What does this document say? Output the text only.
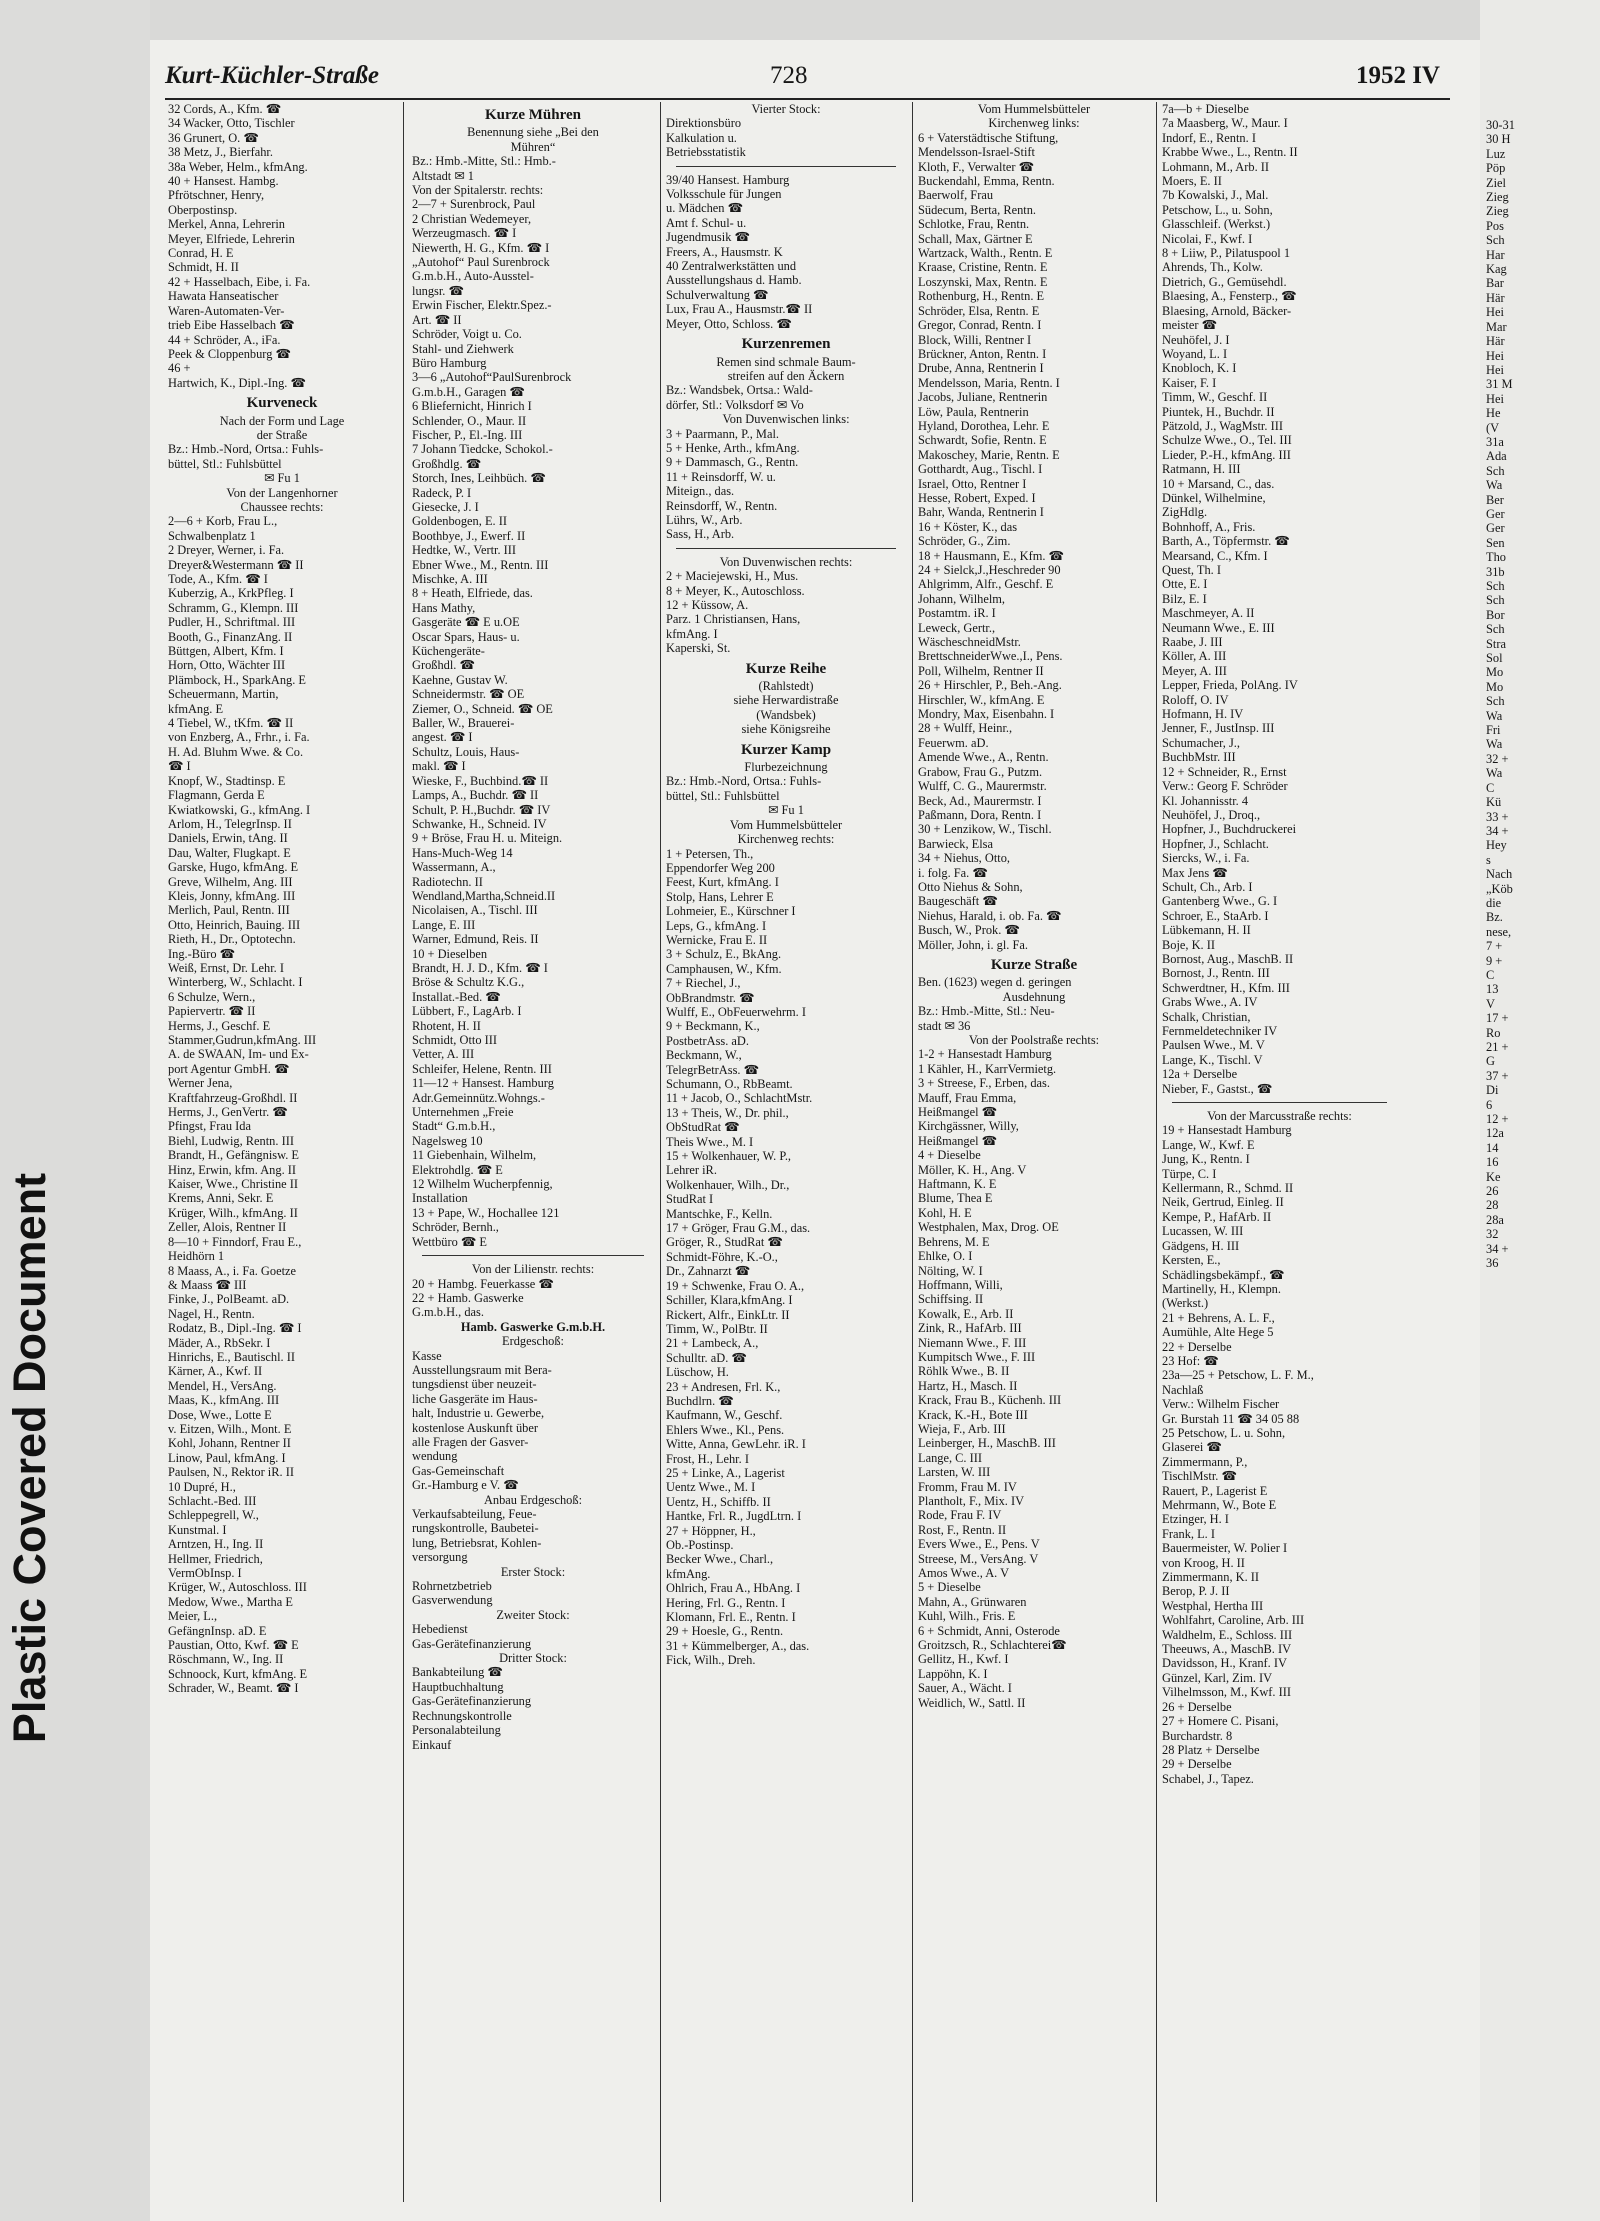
Plastic Covered Document
Kurt-Küchler-Straße	728	1952 IV
32 Cords, A., Kfm. ☎
34 Wacker, Otto, Tischler
36 Grunert, O. ☎
38 Metz, J., Bierfahr.
38a Weber, Helm., kfmAng.
40 + Hansest. Hambg.
Pfrötschner, Henry,
Oberpostinsp.
Merkel, Anna, Lehrerin
Meyer, Elfriede, Lehrerin
Conrad, H. E
Schmidt, H. II
42 + Hasselbach, Eibe, i. Fa.
Hawata Hanseatischer
Waren-Automaten-Ver-
trieb Eibe Hasselbach ☎
44 + Schröder, A., iFa.
Peek & Cloppenburg ☎
46 +
Hartwich, K., Dipl.-Ing. ☎
Kurveneck
Nach der Form und Lage
der Straße
Bz.: Hmb.-Nord, Ortsa.: Fuhls-
büttel, Stl.: Fuhlsbüttel
✉ Fu 1
Von der Langenhorner
Chaussee rechts:
2—6 + Korb, Frau L.,
Schwalbenplatz 1
2 Dreyer, Werner, i. Fa.
Dreyer&Westermann ☎ II
Tode, A., Kfm. ☎ I
Kuberzig, A., KrkPfleg. I
Schramm, G., Klempn. III
Pudler, H., Schriftmal. III
Booth, G., FinanzAng. II
Büttgen, Albert, Kfm. I
Horn, Otto, Wächter III
Plämbock, H., SparkAng. E
Scheuermann, Martin,
kfmAng. E
4 Tiebel, W., tKfm. ☎ II
von Enzberg, A., Frhr., i. Fa.
H. Ad. Bluhm Wwe. & Co.
☎ I
Knopf, W., Stadtinsp. E
Flagmann, Gerda E
Kwiatkowski, G., kfmAng. I
Arlom, H., TelegrInsp. II
Daniels, Erwin, tAng. II
Dau, Walter, Flugkapt. E
Garske, Hugo, kfmAng. E
Greve, Wilhelm, Ang. III
Kleis, Jonny, kfmAng. III
Merlich, Paul, Rentn. III
Otto, Heinrich, Bauing. III
Rieth, H., Dr., Optotechn.
Ing.-Büro ☎
Weiß, Ernst, Dr. Lehr. I
Winterberg, W., Schlacht. I
6 Schulze, Wern.,
Papiervertr. ☎ II
Herms, J., Geschf. E
Stammer,Gudrun,kfmAng. III
A. de SWAAN, Im- und Ex-
port Agentur GmbH. ☎
Werner Jena,
Kraftfahrzeug-Großhdl. II
Herms, J., GenVertr. ☎
Pfingst, Frau Ida
Biehl, Ludwig, Rentn. III
Brandt, H., Gefängnisw. E
Hinz, Erwin, kfm. Ang. II
Kaiser, Wwe., Christine II
Krems, Anni, Sekr. E
Krüger, Wilh., kfmAng. II
Zeller, Alois, Rentner II
8—10 + Finndorf, Frau E.,
Heidhörn 1
8 Maass, A., i. Fa. Goetze
& Maass ☎ III
Finke, J., PolBeamt. aD.
Nagel, H., Rentn.
Rodatz, B., Dipl.-Ing. ☎ I
Mäder, A., RbSekr. I
Hinrichs, E., Bautischl. II
Kärner, A., Kwf. II
Mendel, H., VersAng.
Maas, K., kfmAng. III
Dose, Wwe., Lotte E
v. Eitzen, Wilh., Mont. E
Kohl, Johann, Rentner II
Linow, Paul, kfmAng. I
Paulsen, N., Rektor iR. II
10 Dupré, H.,
Schlacht.-Bed. III
Schleppegrell, W.,
Kunstmal. I
Arntzen, H., Ing. II
Hellmer, Friedrich,
VermObInsp. I
Krüger, W., Autoschloss. III
Medow, Wwe., Martha E
Meier, L.,
GefängnInsp. aD. E
Paustian, Otto, Kwf. ☎ E
Röschmann, W., Ing. II
Schnoock, Kurt, kfmAng. E
Schrader, W., Beamt. ☎ I
Kurze Mühren
Benennung siehe „Bei den
Mühren“
Bz.: Hmb.-Mitte, Stl.: Hmb.-
Altstadt ✉ 1
Von der Spitalerstr. rechts:
2—7 + Surenbrock, Paul
2 Christian Wedemeyer,
Werzeugmasch. ☎ I
Niewerth, H. G., Kfm. ☎ I
„Autohof“ Paul Surenbrock
G.m.b.H., Auto-Ausstel-
lungsr. ☎
Erwin Fischer, Elektr.Spez.-
Art. ☎ II
Schröder, Voigt u. Co.
Stahl- und Ziehwerk
Büro Hamburg
3—6 „Autohof“PaulSurenbrock
G.m.b.H., Garagen ☎
6 Bliefernicht, Hinrich I
Schlender, O., Maur. II
Fischer, P., El.-Ing. III
7 Johann Tiedcke, Schokol.-
Großhdlg. ☎
Storch, Ines, Leihbüch. ☎
Radeck, P. I
Giesecke, J. I
Goldenbogen, E. II
Boothbye, J., Ewerf. II
Hedtke, W., Vertr. III
Ebner Wwe., M., Rentn. III
Mischke, A. III
8 + Heath, Elfriede, das.
Hans Mathy,
Gasgeräte ☎ E u.OE
Oscar Spars, Haus- u.
Küchengeräte-
Großhdl. ☎
Kaehne, Gustav W.
Schneidermstr. ☎ OE
Ziemer, O., Schneid. ☎ OE
Baller, W., Brauerei-
angest. ☎ I
Schultz, Louis, Haus-
makl. ☎ I
Wieske, F., Buchbind.☎ II
Lamps, A., Buchdr. ☎ II
Schult, P. H.,Buchdr. ☎ IV
Schwanke, H., Schneid. IV
9 + Bröse, Frau H. u. Miteign.
Hans-Much-Weg 14
Wassermann, A.,
Radiotechn. II
Wendland,Martha,Schneid.II
Nicolaisen, A., Tischl. III
Lange, E. III
Warner, Edmund, Reis. II
10 + Dieselben
Brandt, H. J. D., Kfm. ☎ I
Bröse & Schultz K.G.,
Installat.-Bed. ☎
Lübbert, F., LagArb. I
Rhotent, H. II
Schmidt, Otto III
Vetter, A. III
Schleifer, Helene, Rentn. III
11—12 + Hansest. Hamburg
Adr.Gemeinnütz.Wohngs.-
Unternehmen „Freie
Stadt“ G.m.b.H.,
Nagelsweg 10
11 Giebenhain, Wilhelm,
Elektrohdlg. ☎ E
12 Wilhelm Wucherpfennig,
Installation
13 + Pape, W., Hochallee 121
Schröder, Bernh.,
Wettbüro ☎ E
Von der Lilienstr. rechts:
20 + Hambg. Feuerkasse ☎
22 + Hamb. Gaswerke
G.m.b.H., das.
Hamb. Gaswerke G.m.b.H.
Erdgeschoß:
Kasse
Ausstellungsraum mit Bera-
tungsdienst über neuzeit-
liche Gasgeräte im Haus-
halt, Industrie u. Gewerbe,
kostenlose Auskunft über
alle Fragen der Gasver-
wendung
Gas-Gemeinschaft
Gr.-Hamburg e V. ☎
Anbau Erdgeschoß:
Verkaufsabteilung, Feue-
rungskontrolle, Baubetei-
lung, Betriebsrat, Kohlen-
versorgung
Erster Stock:
Rohrnetzbetrieb
Gasverwendung
Zweiter Stock:
Hebedienst
Gas-Gerätefinanzierung
Dritter Stock:
Bankabteilung ☎
Hauptbuchhaltung
Gas-Gerätefinanzierung
Rechnungskontrolle
Personalabteilung
Einkauf
Vierter Stock:
Direktionsbüro
Kalkulation u.
Betriebsstatistik
39/40 Hansest. Hamburg
Volksschule für Jungen
u. Mädchen ☎
Amt f. Schul- u.
Jugendmusik ☎
Freers, A., Hausmstr. K
40 Zentralwerkstätten und
Ausstellungshaus d. Hamb.
Schulverwaltung ☎
Lux, Frau A., Hausmstr.☎ II
Meyer, Otto, Schloss. ☎
Kurzenremen
Remen sind schmale Baum-
streifen auf den Äckern
Bz.: Wandsbek, Ortsa.: Wald-
dörfer, Stl.: Volksdorf ✉ Vo
Von Duvenwischen links:
3 + Paarmann, P., Mal.
5 + Henke, Arth., kfmAng.
9 + Dammasch, G., Rentn.
11 + Reinsdorff, W. u.
Miteign., das.
Reinsdorff, W., Rentn.
Lührs, W., Arb.
Sass, H., Arb.
Von Duvenwischen rechts:
2 + Maciejewski, H., Mus.
8 + Meyer, K., Autoschloss.
12 + Küssow, A.
Parz. 1 Christiansen, Hans,
kfmAng. I
Kaperski, St.
Kurze Reihe
(Rahlstedt)
siehe Herwardistraße
(Wandsbek)
siehe Königsreihe
Kurzer Kamp
Flurbezeichnung
Bz.: Hmb.-Nord, Ortsa.: Fuhls-
büttel, Stl.: Fuhlsbüttel
✉ Fu 1
Vom Hummelsbütteler
Kirchenweg rechts:
1 + Petersen, Th.,
Eppendorfer Weg 200
Feest, Kurt, kfmAng. I
Stolp, Hans, Lehrer E
Lohmeier, E., Kürschner I
Leps, G., kfmAng. I
Wernicke, Frau E. II
3 + Schulz, E., BkAng.
Camphausen, W., Kfm.
7 + Riechel, J.,
ObBrandmstr. ☎
Wulff, E., ObFeuerwehrm. I
9 + Beckmann, K.,
PostbetrAss. aD.
Beckmann, W.,
TelegrBetrAss. ☎
Schumann, O., RbBeamt.
11 + Jacob, O., SchlachtMstr.
13 + Theis, W., Dr. phil.,
ObStudRat ☎
Theis Wwe., M. I
15 + Wolkenhauer, W. P.,
Lehrer iR.
Wolkenhauer, Wilh., Dr.,
StudRat I
Mantschke, F., Kelln.
17 + Gröger, Frau G.M., das.
Gröger, R., StudRat ☎
Schmidt-Föhre, K.-O.,
Dr., Zahnarzt ☎
19 + Schwenke, Frau O. A.,
Schiller, Klara,kfmAng. I
Rickert, Alfr., EinkLtr. II
Timm, W., PolBtr. II
21 + Lambeck, A.,
Schulltr. aD. ☎
Lüschow, H.
23 + Andresen, Frl. K.,
Buchdlrn. ☎
Kaufmann, W., Geschf.
Ehlers Wwe., Kl., Pens.
Witte, Anna, GewLehr. iR. I
Frost, H., Lehr. I
25 + Linke, A., Lagerist
Uentz Wwe., M. I
Uentz, H., Schiffb. II
Hantke, Frl. R., JugdLtrn. I
27 + Höppner, H.,
Ob.-Postinsp.
Becker Wwe., Charl.,
kfmAng.
Ohlrich, Frau A., HbAng. I
Hering, Frl. G., Rentn. I
Klomann, Frl. E., Rentn. I
29 + Hoesle, G., Rentn.
31 + Kümmelberger, A., das.
Fick, Wilh., Dreh.
Vom Hummelsbütteler
Kirchenweg links:
6 + Vaterstädtische Stiftung,
Mendelsson-Israel-Stift
Kloth, F., Verwalter ☎
Buckendahl, Emma, Rentn.
Baerwolf, Frau
Südecum, Berta, Rentn.
Schlotke, Frau, Rentn.
Schall, Max, Gärtner E
Wartzack, Walth., Rentn. E
Kraase, Cristine, Rentn. E
Loszynski, Max, Rentn. E
Rothenburg, H., Rentn. E
Schröder, Elsa, Rentn. E
Gregor, Conrad, Rentn. I
Block, Willi, Rentner I
Brückner, Anton, Rentn. I
Drube, Anna, Rentnerin I
Mendelsson, Maria, Rentn. I
Jacobs, Juliane, Rentnerin
Löw, Paula, Rentnerin
Hyland, Dorothea, Lehr. E
Schwardt, Sofie, Rentn. E
Makoschey, Marie, Rentn. E
Gotthardt, Aug., Tischl. I
Israel, Otto, Rentner I
Hesse, Robert, Exped. I
Bahr, Wanda, Rentnerin I
16 + Köster, K., das
Schröder, G., Zim.
18 + Hausmann, E., Kfm. ☎
24 + Sielck,J.,Heschreder 90
Ahlgrimm, Alfr., Geschf. E
Johann, Wilhelm,
Postamtm. iR. I
Leweck, Gertr.,
WäscheschneidMstr.
BrettschneiderWwe.,I., Pens.
Poll, Wilhelm, Rentner II
26 + Hirschler, P., Beh.-Ang.
Hirschler, W., kfmAng. E
Mondry, Max, Eisenbahn. I
28 + Wulff, Heinr.,
Feuerwm. aD.
Amende Wwe., A., Rentn.
Grabow, Frau G., Putzm.
Wulff, C. G., Maurermstr.
Beck, Ad., Maurermstr. I
Paßmann, Dora, Rentn. I
30 + Lenzikow, W., Tischl.
Barwieck, Elsa
34 + Niehus, Otto,
i. folg. Fa. ☎
Otto Niehus & Sohn,
Baugeschäft ☎
Niehus, Harald, i. ob. Fa. ☎
Busch, W., Prok. ☎
Möller, John, i. gl. Fa.
Kurze Straße
Ben. (1623) wegen d. geringen
Ausdehnung
Bz.: Hmb.-Mitte, Stl.: Neu-
stadt ✉ 36
Von der Poolstraße rechts:
1-2 + Hansestadt Hamburg
1 Kähler, H., KarrVermietg.
3 + Streese, F., Erben, das.
Mauff, Frau Emma,
Heißmangel ☎
Kirchgässner, Willy,
Heißmangel ☎
4 + Dieselbe
Möller, K. H., Ang. V
Haftmann, K. E
Blume, Thea E
Kohl, H. E
Westphalen, Max, Drog. OE
Behrens, M. E
Ehlke, O. I
Nölting, W. I
Hoffmann, Willi,
Schiffsing. II
Kowalk, E., Arb. II
Zink, R., HafArb. III
Niemann Wwe., F. III
Kumpitsch Wwe., F. III
Röhlk Wwe., B. II
Hartz, H., Masch. II
Krack, Frau B., Küchenh. III
Krack, K.-H., Bote III
Wieja, F., Arb. III
Leinberger, H., MaschB. III
Lange, C. III
Larsten, W. III
Fromm, Frau M. IV
Plantholt, F., Mix. IV
Rode, Frau F. IV
Rost, F., Rentn. II
Evers Wwe., E., Pens. V
Streese, M., VersAng. V
Amos Wwe., A. V
5 + Dieselbe
Mahn, A., Grünwaren
Kuhl, Wilh., Fris. E
6 + Schmidt, Anni, Osterode
Groitzsch, R., Schlachterei☎
Gellitz, H., Kwf. I
Lappöhn, K. I
Sauer, A., Wächt. I
Weidlich, W., Sattl. II
7a—b + Dieselbe
7a Maasberg, W., Maur. I
Indorf, E., Rentn. I
Krabbe Wwe., L., Rentn. II
Lohmann, M., Arb. II
Moers, E. II
7b Kowalski, J., Mal.
Petschow, L., u. Sohn,
Glasschleif. (Werkst.)
Nicolai, F., Kwf. I
8 + Liiw, P., Pilatuspool 1
Ahrends, Th., Kolw.
Dietrich, G., Gemüsehdl.
Blaesing, A., Fensterp., ☎
Blaesing, Arnold, Bäcker-
meister ☎
Neuhöfel, J. I
Woyand, L. I
Knobloch, K. I
Kaiser, F. I
Timm, W., Geschf. II
Piuntek, H., Buchdr. II
Pätzold, J., WagMstr. III
Schulze Wwe., O., Tel. III
Lieder, P.-H., kfmAng. III
Ratmann, H. III
10 + Marsand, C., das.
Dünkel, Wilhelmine,
ZigHdlg.
Bohnhoff, A., Fris.
Barth, A., Töpfermstr. ☎
Mearsand, C., Kfm. I
Quest, Th. I
Otte, E. I
Bilz, E. I
Maschmeyer, A. II
Neumann Wwe., E. III
Raabe, J. III
Köller, A. III
Meyer, A. III
Lepper, Frieda, PolAng. IV
Roloff, O. IV
Hofmann, H. IV
Jenner, F., JustInsp. III
Schumacher, J.,
BuchbMstr. III
12 + Schneider, R., Ernst
Verw.: Georg F. Schröder
Kl. Johannisstr. 4
Neuhöfel, J., Droq.,
Hopfner, J., Buchdruckerei
Hopfner, J., Schlacht.
Siercks, W., i. Fa.
Max Jens ☎
Schult, Ch., Arb. I
Gantenberg Wwe., G. I
Schroer, E., StaArb. I
Lübkemann, H. II
Boje, K. II
Bornost, Aug., MaschB. II
Bornost, J., Rentn. III
Schwerdtner, H., Kfm. III
Grabs Wwe., A. IV
Schalk, Christian,
Fernmeldetechniker IV
Paulsen Wwe., M. V
Lange, K., Tischl. V
12a + Derselbe
Nieber, F., Gastst., ☎
Von der Marcusstraße rechts:
19 + Hansestadt Hamburg
Lange, W., Kwf. E
Jung, K., Rentn. I
Türpe, C. I
Kellermann, R., Schmd. II
Neik, Gertrud, Einleg. II
Kempe, P., HafArb. II
Lucassen, W. III
Gädgens, H. III
Kersten, E.,
Schädlingsbekämpf., ☎
Martinelly, H., Klempn.
(Werkst.)
21 + Behrens, A. L. F.,
Aumühle, Alte Hege 5
22 + Derselbe
23 Hof: ☎
23a—25 + Petschow, L. F. M.,
Nachlaß
Verw.: Wilhelm Fischer
Gr. Burstah 11 ☎ 34 05 88
25 Petschow, L. u. Sohn,
Glaserei ☎
Zimmermann, P.,
TischlMstr. ☎
Rauert, P., Lagerist E
Mehrmann, W., Bote E
Etzinger, H. I
Frank, L. I
Bauermeister, W. Polier I
von Kroog, H. II
Zimmermann, K. II
Berop, P. J. II
Westphal, Hertha III
Wohlfahrt, Caroline, Arb. III
Waldhelm, E., Schloss. III
Theeuws, A., MaschB. IV
Davidsson, H., Kranf. IV
Günzel, Karl, Zim. IV
Vilhelmsson, M., Kwf. III
26 + Derselbe
27 + Homere C. Pisani,
Burchardstr. 8
28 Platz + Derselbe
29 + Derselbe
Schabel, J., Tapez.
30-31
30 H
Luz
Pöp
Ziel
Zieg
Zieg
Pos
Sch
Har
Kag
Bar
Här
Hei
Mar
Här
Hei
Hei
31 M
Hei
He
(V
31a
Ada
Sch
Wa
Ber
Ger
Ger
Sen
Tho
31b
Sch
Sch
Bor
Sch
Stra
Sol
Mo
Mo
Sch
Wa
Fri
Wa
32 +
Wa
C
Kü
33 +
34 +
Hey
s
Nach
„Köb
die
Bz.
nese,
7 +
9 +
C
13
V
17 +
Ro
21 +
G
37 +
Di
6
12 +
12a
14
16
Ke
26
28
28a
32
34 +
36
